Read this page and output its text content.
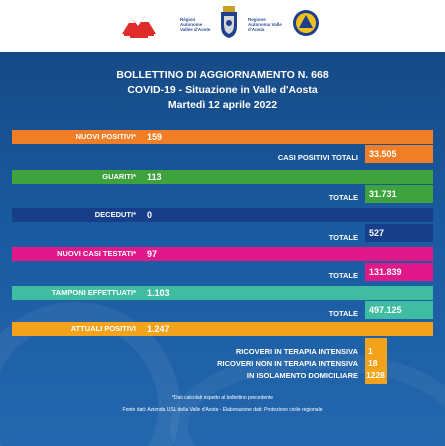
Région Autonome Vallée d'Aoste
Regione Autonoma Valle d'Aosta
BOLLETTINO DI AGGIORNAMENTO N. 668
COVID-19 - Situazione in Valle d'Aosta
Martedì 12 aprile 2022
NUOVI POSITIVI*	159
CASI POSITIVI TOTALI	33.505
GUARITI*	113
TOTALE	31.731
DECEDUTI*	0
TOTALE	527
NUOVI CASI TESTATI*	97
TOTALE	131.839
TAMPONI EFFETTUATI*	1.103
TOTALE	497.125
ATTUALI POSITIVI	1.247
RICOVERI IN TERAPIA INTENSIVA 1
RICOVERI NON IN TERAPIA INTENSIVA 18
IN ISOLAMENTO DOMICILIARE 1228
*Dati calcolati rispetto al bollettino precedente
Fonte dati: Azienda USL della Valle d'Aosta - Elaborazione dati: Protezione civile regionale
